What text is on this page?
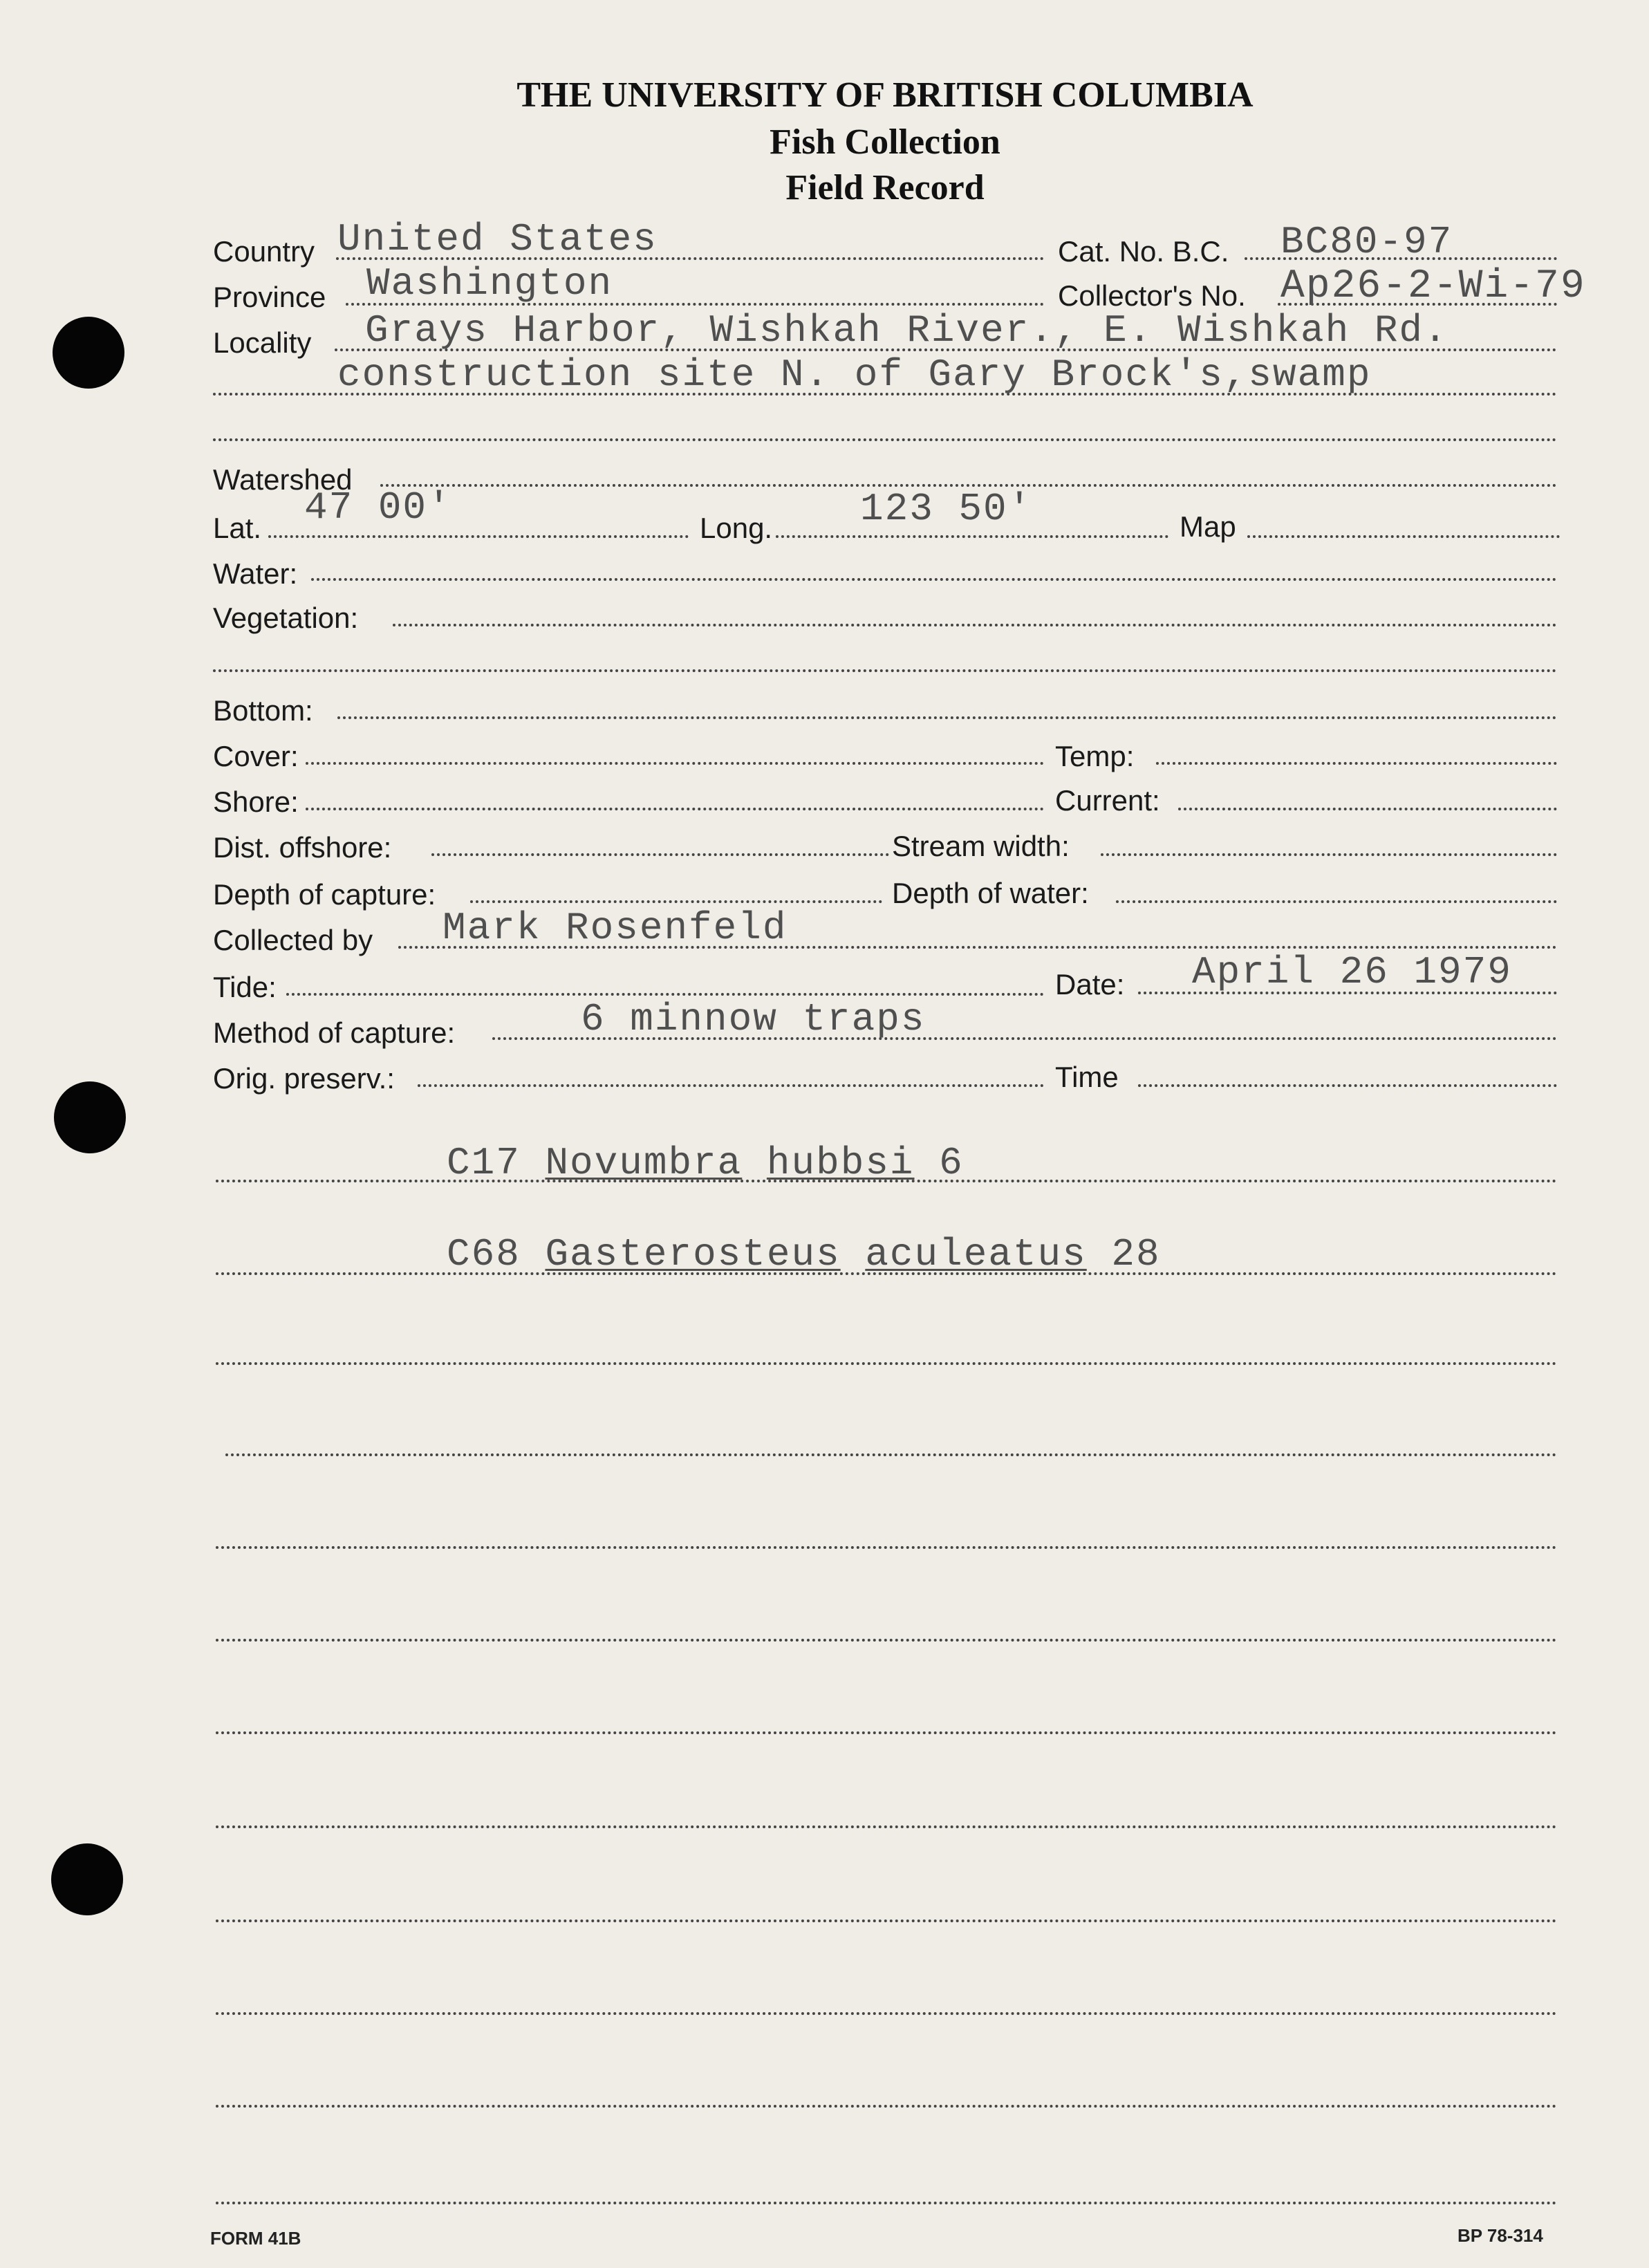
THE UNIVERSITY OF BRITISH COLUMBIA
Fish Collection
Field Record
Country United States	Cat. No. B.C. BC80-97
Province Washington	Collector's No. Ap26-2-Wi-79
Locality Grays Harbor, Wishkah River., E. Wishkah Rd.
construction site N. of Gary Brock's,swamp
Watershed
Lat. 47 00'	Long. 123 50'	Map
Water:
Vegetation:
Bottom:
Cover:	Temp:
Shore:	Current:
Dist. offshore:	Stream width:
Depth of capture:	Depth of water:
Collected by Mark Rosenfeld
Tide:	Date: April 26 1979
Method of capture:	6 minnow traps
Orig. preserv.:	Time
C17 Novumbra hubbsi 6
C68 Gasterosteus aculeatus 28
FORM 41B	BP 78-314
